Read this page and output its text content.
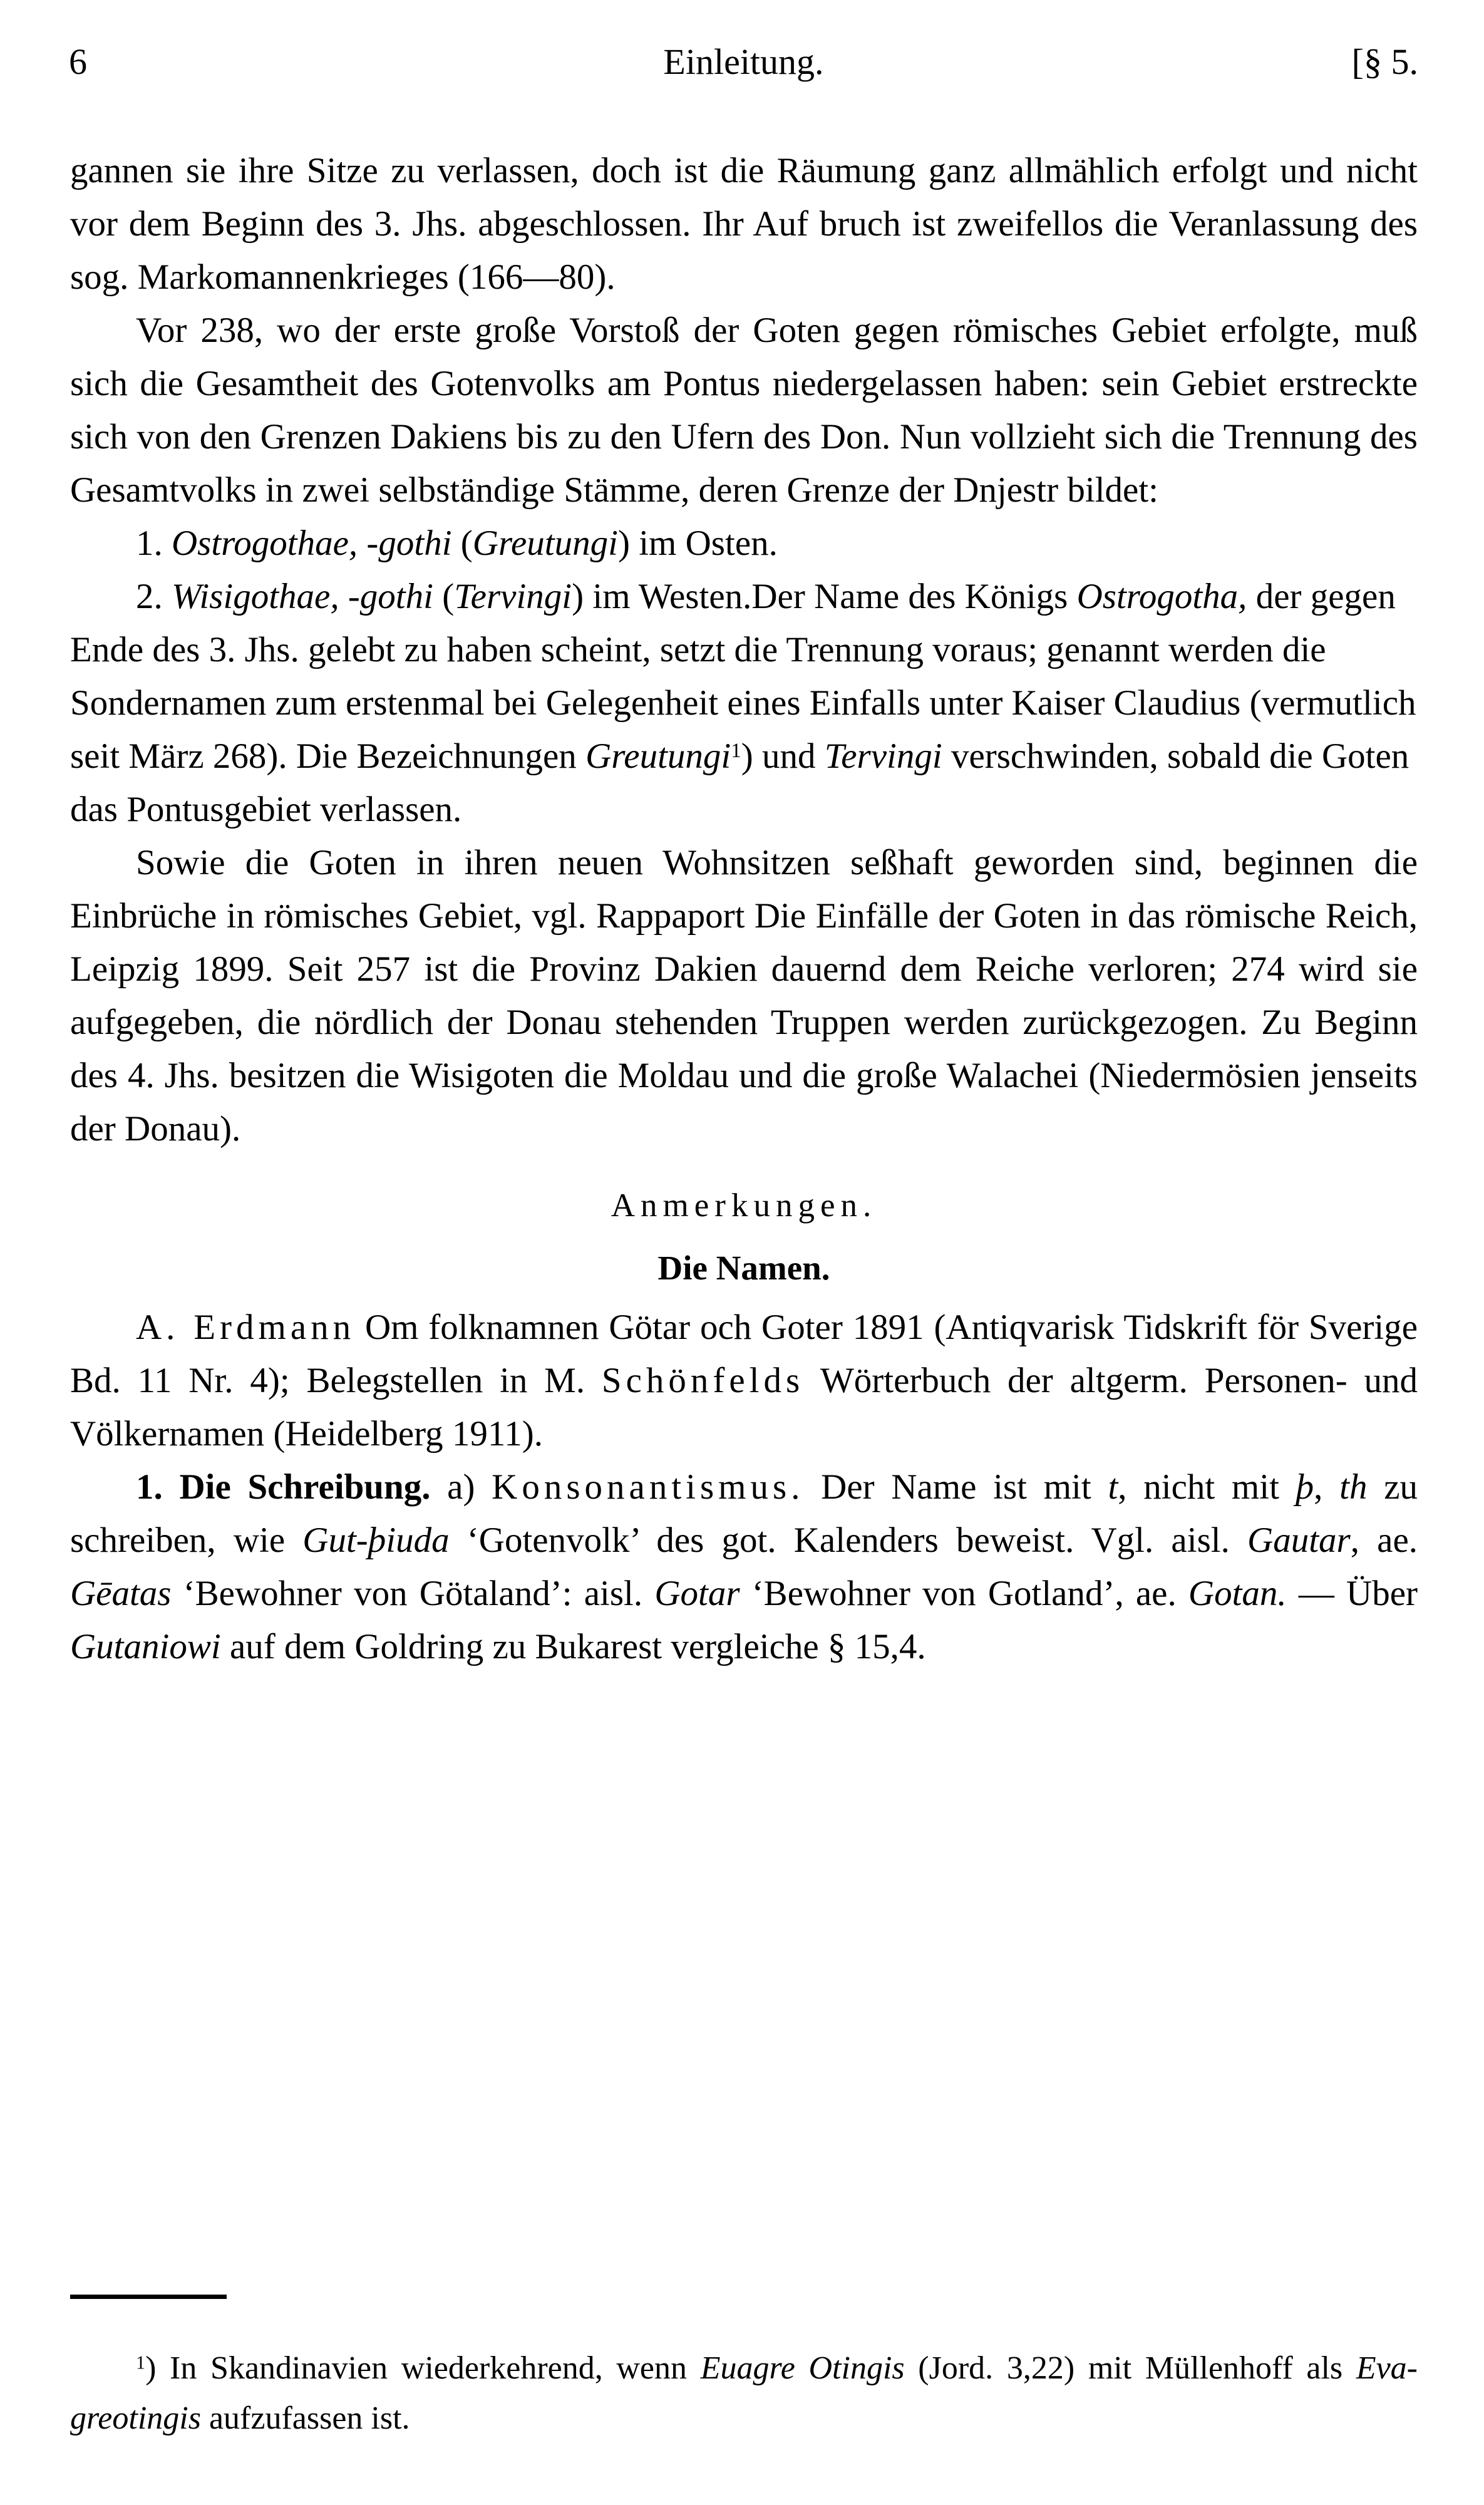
6	Einleitung.	[§ 5.

gannen sie ihre Sitze zu verlassen, doch ist die Räumung ganz allmählich erfolgt und nicht vor dem Beginn des 3. Jhs. abgeschlossen. Ihr Auf bruch ist zweifellos die Veranlassung des sog. Markomannenkrieges (166—80).

Vor 238, wo der erste große Vorstoß der Goten gegen römisches Gebiet erfolgte, muß sich die Gesamtheit des Gotenvolks am Pontus niedergelassen haben: sein Gebiet erstreckte sich von den Grenzen Dakiens bis zu den Ufern des Don. Nun vollzieht sich die Trennung des Gesamtvolks in zwei selbständige Stämme, deren Grenze der Dnjestr bildet:

1. Ostrogothae, -gothi (Greutungi) im Osten.

2. Wisigothae, -gothi (Tervingi) im Westen.Der Name des Königs Ostrogotha, der gegen Ende des 3. Jhs. gelebt zu haben scheint, setzt die Trennung voraus; genannt werden die Sondernamen zum erstenmal bei Gelegenheit eines Einfalls unter Kaiser Claudius (vermutlich seit März 268). Die Bezeichnungen Greutungi$^1$) und Tervingi verschwinden, sobald die Goten das Pontusgebiet verlassen.

Sowie die Goten in ihren neuen Wohnsitzen seßhaft geworden sind, beginnen die Einbrüche in römisches Gebiet, vgl. Rappaport Die Einfälle der Goten in das römische Reich, Leipzig 1899. Seit 257 ist die Provinz Dakien dauernd dem Reiche verloren; 274 wird sie aufgegeben, die nördlich der Donau stehenden Truppen werden zurückgezogen. Zu Beginn des 4. Jhs. besitzen die Wisigoten die Moldau und die große Walachei (Niedermösien jenseits der Donau).

Anmerkungen.

Die Namen.

A. Erdmann Om folknamnen Götar och Goter 1891 (Antiqvarisk Tidskrift för Sverige Bd. 11 Nr. 4); Belegstellen in M. Schönfelds Wörterbuch der altgerm. Personen- und Völkernamen (Heidelberg 1911).

1. Die Schreibung. a) Konsonantismus. Der Name ist mit t, nicht mit þ, th zu schreiben, wie Gut-þiuda ‘Gotenvolk’ des got. Kalenders beweist. Vgl. aisl. Gautar, ae. Gēatas ‘Bewohner von Götaland’: aisl. Gotar ‘Bewohner von Gotland’, ae. Gotan. — Über Gutaniowi auf dem Goldring zu Bukarest vergleiche § 15,4.

$^1$) In Skandinavien wiederkehrend, wenn Euagre Otingis (Jord. 3,22) mit Müllenhoff als Eva-greotingis aufzufassen ist.
